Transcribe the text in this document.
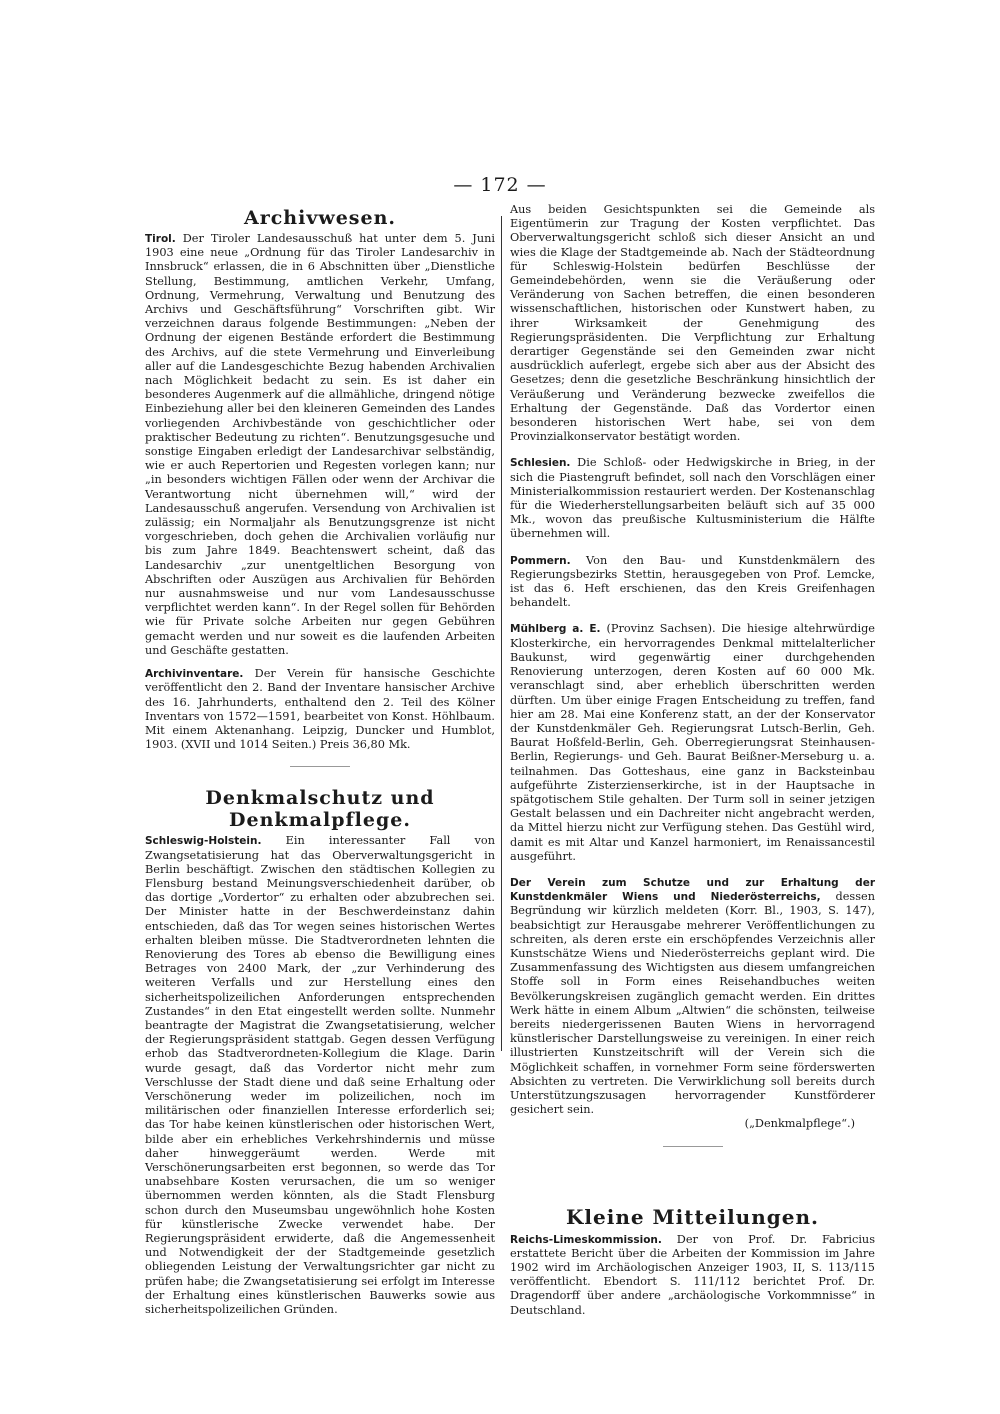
— 172 —
Archivwesen.

Tirol. Der Tiroler Landesausschuß hat unter dem 5. Juni 1903 eine neue „Ordnung für das Tiroler Landesarchiv in Innsbruck“ erlassen, die in 6 Abschnitten über „Dienstliche Stellung, Bestimmung, amtlichen Verkehr, Umfang, Ordnung, Vermehrung, Verwaltung und Benutzung des Archivs und Geschäftsführung“ Vorschriften gibt. Wir verzeichnen daraus folgende Bestimmungen: „Neben der Ordnung der eigenen Bestände erfordert die Bestimmung des Archivs, auf die stete Vermehrung und Einverleibung aller auf die Landesgeschichte Bezug habenden Archivalien nach Möglichkeit bedacht zu sein. Es ist daher ein besonderes Augenmerk auf die allmähliche, dringend nötige Einbeziehung aller bei den kleineren Gemeinden des Landes vorliegenden Archivbestände von geschichtlicher oder praktischer Bedeutung zu richten“. Benutzungsgesuche und sonstige Eingaben erledigt der Landesarchivar selbständig, wie er auch Repertorien und Regesten vorlegen kann; nur „in besonders wichtigen Fällen oder wenn der Archivar die Verantwortung nicht übernehmen will,“ wird der Landesausschuß angerufen. Versendung von Archivalien ist zulässig; ein Normaljahr als Benutzungsgrenze ist nicht vorgeschrieben, doch gehen die Archivalien vorläufig nur bis zum Jahre 1849. Beachtenswert scheint, daß das Landesarchiv „zur unentgeltlichen Besorgung von Abschriften oder Auszügen aus Archivalien für Behörden nur ausnahmsweise und nur vom Landesausschusse verpflichtet werden kann“. In der Regel sollen für Behörden wie für Private solche Arbeiten nur gegen Gebühren gemacht werden und nur soweit es die laufenden Arbeiten und Geschäfte gestatten.

Archivinventare. Der Verein für hansische Geschichte veröffentlicht den 2. Band der Inventare hansischer Archive des 16. Jahrhunderts, enthaltend den 2. Teil des Kölner Inventars von 1572—1591, bearbeitet von Konst. Höhlbaum. Mit einem Aktenanhang. Leipzig, Duncker und Humblot, 1903. (XVII und 1014 Seiten.) Preis 36,80 Mk.

Denkmalschutz und Denkmalpflege.

Schleswig-Holstein. Ein interessanter Fall von Zwangsetatisierung hat das Oberverwaltungsgericht in Berlin beschäftigt. Zwischen den städtischen Kollegien zu Flensburg bestand Meinungsverschiedenheit darüber, ob das dortige „Vordertor“ zu erhalten oder abzubrechen sei. Der Minister hatte in der Beschwerdeinstanz dahin entschieden, daß das Tor wegen seines historischen Wertes erhalten bleiben müsse. Die Stadtverordneten lehnten die Renovierung des Tores ab ebenso die Bewilligung eines Betrages von 2400 Mark, der „zur Verhinderung des weiteren Verfalls und zur Herstellung eines den sicherheitspolizeilichen Anforderungen entsprechenden Zustandes“ in den Etat eingestellt werden sollte. Nunmehr beantragte der Magistrat die Zwangsetatisierung, welcher der Regierungspräsident stattgab. Gegen dessen Verfügung erhob das Stadtverordneten-Kollegium die Klage. Darin wurde gesagt, daß das Vordertor nicht mehr zum Verschlusse der Stadt diene und daß seine Erhaltung oder Verschönerung weder im polizeilichen, noch im militärischen oder finanziellen Interesse erforderlich sei; das Tor habe keinen künstlerischen oder historischen Wert, bilde aber ein erhebliches Verkehrshindernis und müsse daher hinweggeräumt werden. Werde mit Verschönerungsarbeiten erst begonnen, so werde das Tor unabsehbare Kosten verursachen, die um so weniger übernommen werden könnten, als die Stadt Flensburg schon durch den Museumsbau ungewöhnlich hohe Kosten für künstlerische Zwecke verwendet habe. Der Regierungspräsident erwiderte, daß die Angemessenheit und Notwendigkeit der der Stadtgemeinde gesetzlich obliegenden Leistung der Verwaltungsrichter gar nicht zu prüfen habe; die Zwangsetatisierung sei erfolgt im Interesse der Erhaltung eines künstlerischen Bauwerks sowie aus sicherheitspolizeilichen Gründen.

Aus beiden Gesichtspunkten sei die Gemeinde als Eigentümerin zur Tragung der Kosten verpflichtet. Das Oberverwaltungsgericht schloß sich dieser Ansicht an und wies die Klage der Stadtgemeinde ab. Nach der Städteordnung für Schleswig-Holstein bedürfen Beschlüsse der Gemeindebehörden, wenn sie die Veräußerung oder Veränderung von Sachen betreffen, die einen besonderen wissenschaftlichen, historischen oder Kunstwert haben, zu ihrer Wirksamkeit der Genehmigung des Regierungspräsidenten. Die Verpflichtung zur Erhaltung derartiger Gegenstände sei den Gemeinden zwar nicht ausdrücklich auferlegt, ergebe sich aber aus der Absicht des Gesetzes; denn die gesetzliche Beschränkung hinsichtlich der Veräußerung und Veränderung bezwecke zweifellos die Erhaltung der Gegenstände. Daß das Vordertor einen besonderen historischen Wert habe, sei von dem Provinzialkonservator bestätigt worden.

Schlesien. Die Schloß- oder Hedwigskirche in Brieg, in der sich die Piastengruft befindet, soll nach den Vorschlägen einer Ministerialkommission restauriert werden. Der Kostenanschlag für die Wiederherstellungsarbeiten beläuft sich auf 35 000 Mk., wovon das preußische Kultusministerium die Hälfte übernehmen will.

Pommern. Von den Bau- und Kunstdenkmälern des Regierungsbezirks Stettin, herausgegeben von Prof. Lemcke, ist das 6. Heft erschienen, das den Kreis Greifenhagen behandelt.

Mühlberg a. E. (Provinz Sachsen). Die hiesige altehrwürdige Klosterkirche, ein hervorragendes Denkmal mittelalterlicher Baukunst, wird gegenwärtig einer durchgehenden Renovierung unterzogen, deren Kosten auf 60 000 Mk. veranschlagt sind, aber erheblich überschritten werden dürften. Um über einige Fragen Entscheidung zu treffen, fand hier am 28. Mai eine Konferenz statt, an der der Konservator der Kunstdenkmäler Geh. Regierungsrat Lutsch-Berlin, Geh. Baurat Hoßfeld-Berlin, Geh. Oberregierungsrat Steinhausen-Berlin, Regierungs- und Geh. Baurat Beißner-Merseburg u. a. teilnahmen. Das Gotteshaus, eine ganz in Backsteinbau aufgeführte Zisterzienserkirche, ist in der Hauptsache in spätgotischem Stile gehalten. Der Turm soll in seiner jetzigen Gestalt belassen und ein Dachreiter nicht angebracht werden, da Mittel hierzu nicht zur Verfügung stehen. Das Gestühl wird, damit es mit Altar und Kanzel harmoniert, im Renaissancestil ausgeführt.

Der Verein zum Schutze und zur Erhaltung der Kunstdenkmäler Wiens und Niederösterreichs, dessen Begründung wir kürzlich meldeten (Korr. Bl., 1903, S. 147), beabsichtigt zur Herausgabe mehrerer Veröffentlichungen zu schreiten, als deren erste ein erschöpfendes Verzeichnis aller Kunstschätze Wiens und Niederösterreichs geplant wird. Die Zusammenfassung des Wichtigsten aus diesem umfangreichen Stoffe soll in Form eines Reisehandbuches weiten Bevölkerungskreisen zugänglich gemacht werden. Ein drittes Werk hätte in einem Album „Altwien“ die schönsten, teilweise bereits niedergerissenen Bauten Wiens in hervorragend künstlerischer Darstellungsweise zu vereinigen. In einer reich illustrierten Kunstzeitschrift will der Verein sich die Möglichkeit schaffen, in vornehmer Form seine förderswerten Absichten zu vertreten. Die Verwirklichung soll bereits durch Unterstützungszusagen hervorragender Kunstförderer gesichert sein.

(„Denkmalpflege“.)

Kleine Mitteilungen.

Reichs-Limeskommission. Der von Prof. Dr. Fabricius erstattete Bericht über die Arbeiten der Kommission im Jahre 1902 wird im Archäologischen Anzeiger 1903, II, S. 113/115 veröffentlicht. Ebendort S. 111/112 berichtet Prof. Dr. Dragendorff über andere „archäologische Vorkommnisse“ in Deutschland.
